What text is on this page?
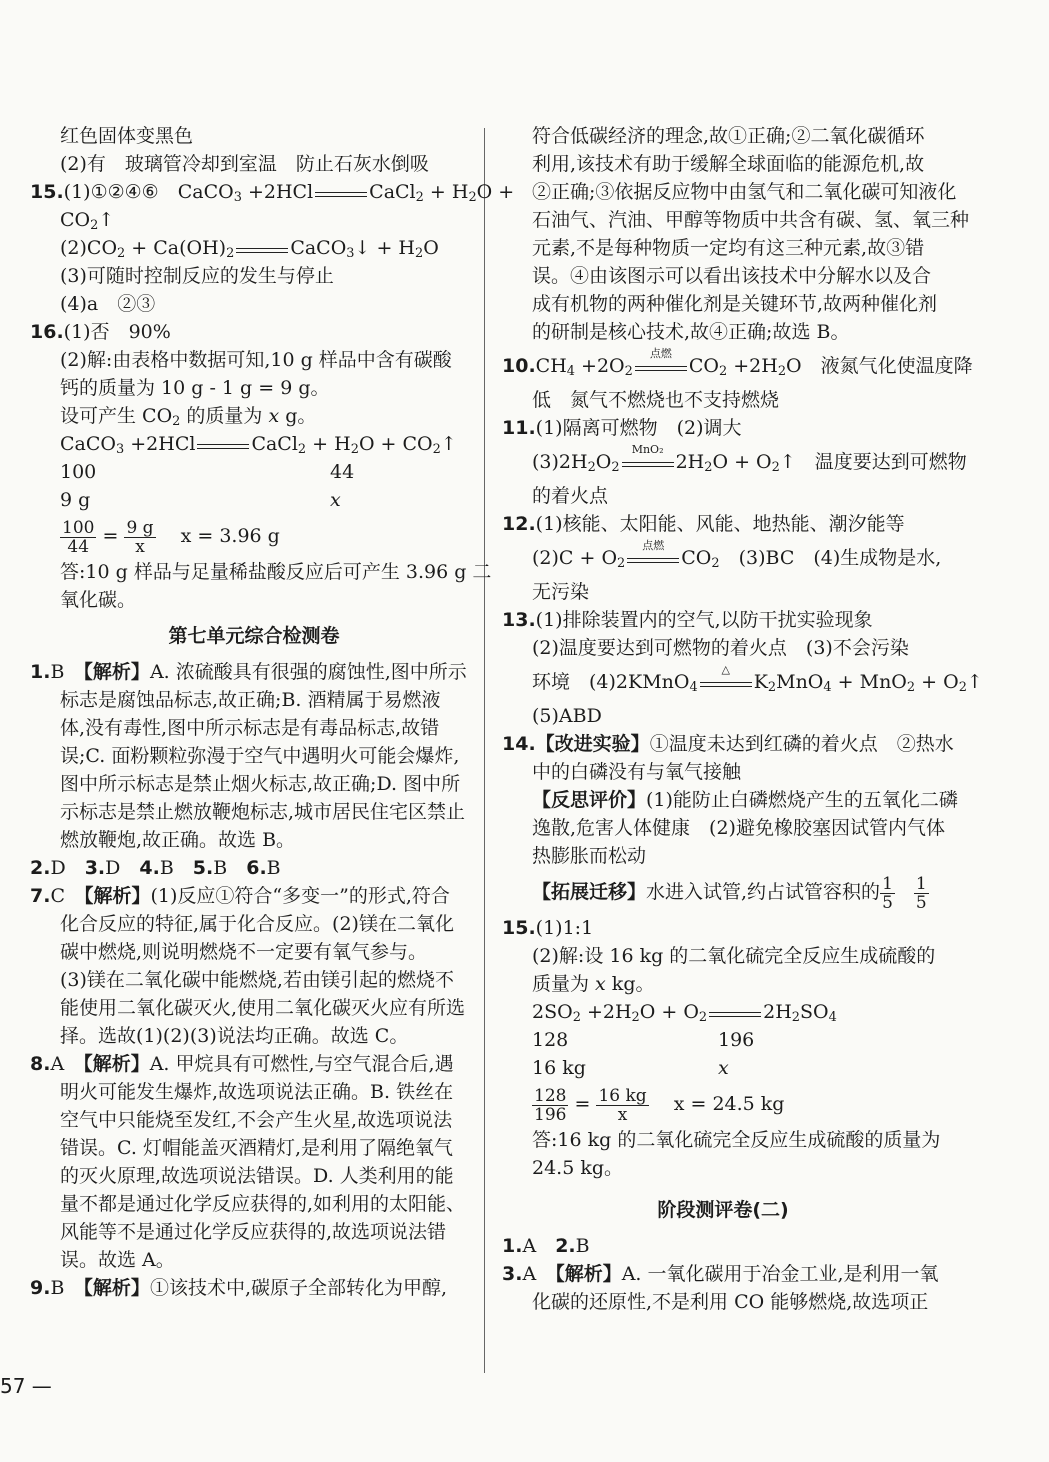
红色固体变黑色
(2)有　玻璃管冷却到室温　防止石灰水倒吸
15.(1)①②④⑥　CaCO$_3$ +2HCl	CaCl$_2$ + $H_2O$ +
$CO_2↑$
$(2)CO_2 + Ca(OH)_2$	CaCO$_3$↓ + $H_2O$
(3)可随时控制反应的发生与停止
(4)a　②③
16.(1)否　90%
(2)解:由表格中数据可知,10 g 样品中含有碳酸
钙的质量为 10 g - 1 g = 9 g。
设可产生 $CO_2$ 的质量为 x g。
CaCO$_3$ +2HCl	CaCl$_2$ + $H_2O$ + $CO_2↑$
100	44
9 g	x
$\frac{100}{44} = \frac{9 g}{x}$
　 x = 3.96 g
答:10 g 样品与足量稀盐酸反应后可产生 3.96 g 二
氧化碳。
第七单元综合检测卷
1.B　【解析】A. 浓硫酸具有很强的腐蚀性,图中所示
标志是腐蚀品标志,故正确;B. 酒精属于易燃液
体,没有毒性,图中所示标志是有毒品标志,故错
误;C. 面粉颗粒弥漫于空气中遇明火可能会爆炸,
图中所示标志是禁止烟火标志,故正确;D. 图中所
示标志是禁止燃放鞭炮标志,城市居民住宅区禁止
燃放鞭炮,故正确。故选 B。
2.D　3.D　4.B　5.B　6.B
7.C　【解析】(1)反应①符合“多变一”的形式,符合
化合反应的特征,属于化合反应。(2)镁在二氧化
碳中燃烧,则说明燃烧不一定要有氧气参与。
(3)镁在二氧化碳中能燃烧,若由镁引起的燃烧不
能使用二氧化碳灭火,使用二氧化碳灭火应有所选
择。选故(1)(2)(3)说法均正确。故选 C。
8.A　【解析】A. 甲烷具有可燃性,与空气混合后,遇
明火可能发生爆炸,故选项说法正确。B. 铁丝在
空气中只能烧至发红,不会产生火星,故选项说法
错误。C. 灯帽能盖灭酒精灯,是利用了隔绝氧气
的灭火原理,故选项说法错误。D. 人类利用的能
量不都是通过化学反应获得的,如利用的太阳能、
风能等不是通过化学反应获得的,故选项说法错
误。故选 A。
9.B　【解析】①该技术中,碳原子全部转化为甲醇,
符合低碳经济的理念,故①正确;②二氧化碳循环
利用,该技术有助于缓解全球面临的能源危机,故
②正确;③依据反应物中由氢气和二氧化碳可知液化
石油气、汽油、甲醇等物质中共含有碳、氢、氧三种
元素,不是每种物质一定均有这三种元素,故③错
误。④由该图示可以看出该技术中分解水以及合
成有机物的两种催化剂是关键环节,故两种催化剂
的研制是核心技术,故④正确;故选 B。
$10.CH_4 +2O_2$
点燃
$CO_2 +2H_2O$　液氮气化使温度降
低　氮气不燃烧也不支持燃烧
11.(1)隔离可燃物　(2)调大
$(3)2H_2O_2$
MnO₂
$2H_2O$ + $O_2↑$　温度要达到可燃物
的着火点
12.(1)核能、太阳能、风能、地热能、潮汐能等
$(2)C + O_2$
点燃
$CO_2$　(3)BC　(4)生成物是水,
无污染
13.(1)排除装置内的空气,以防干扰实验现象
(2)温度要达到可燃物的着火点　(3)不会污染
环境　(4)2KMnO$_4$
△
$K_2MnO_4 + MnO_2$ + $O_2↑$
(5)ABD
14.【改进实验】①温度未达到红磷的着火点　②热水
中的白磷没有与氧气接触
【反思评价】(1)能防止白磷燃烧产生的五氧化二磷
逸散,危害人体健康　(2)避免橡胶塞因试管内气体
热膨胀而松动
【拓展迁移】水进入试管,约占试管容积的 $\frac{1}{5}$
　 $\frac{1}{5}$
15.(1)1:1
(2)解:设 16 kg 的二氧化硫完全反应生成硫酸的
质量为 x kg。
$2SO_2 +2H_2O + O_2$	$2H_2SO_4$
128	196
16 kg	x
$\frac{128}{196} = \frac{16 kg}{x}$
　 x = 24.5 kg
答:16 kg 的二氧化硫完全反应生成硫酸的质量为
24.5 kg。
阶段测评卷(二)
1.A　2.B
3.A　【解析】A. 一氧化碳用于冶金工业,是利用一氧
化碳的还原性,不是利用 CO 能够燃烧,故选项正
57 —
